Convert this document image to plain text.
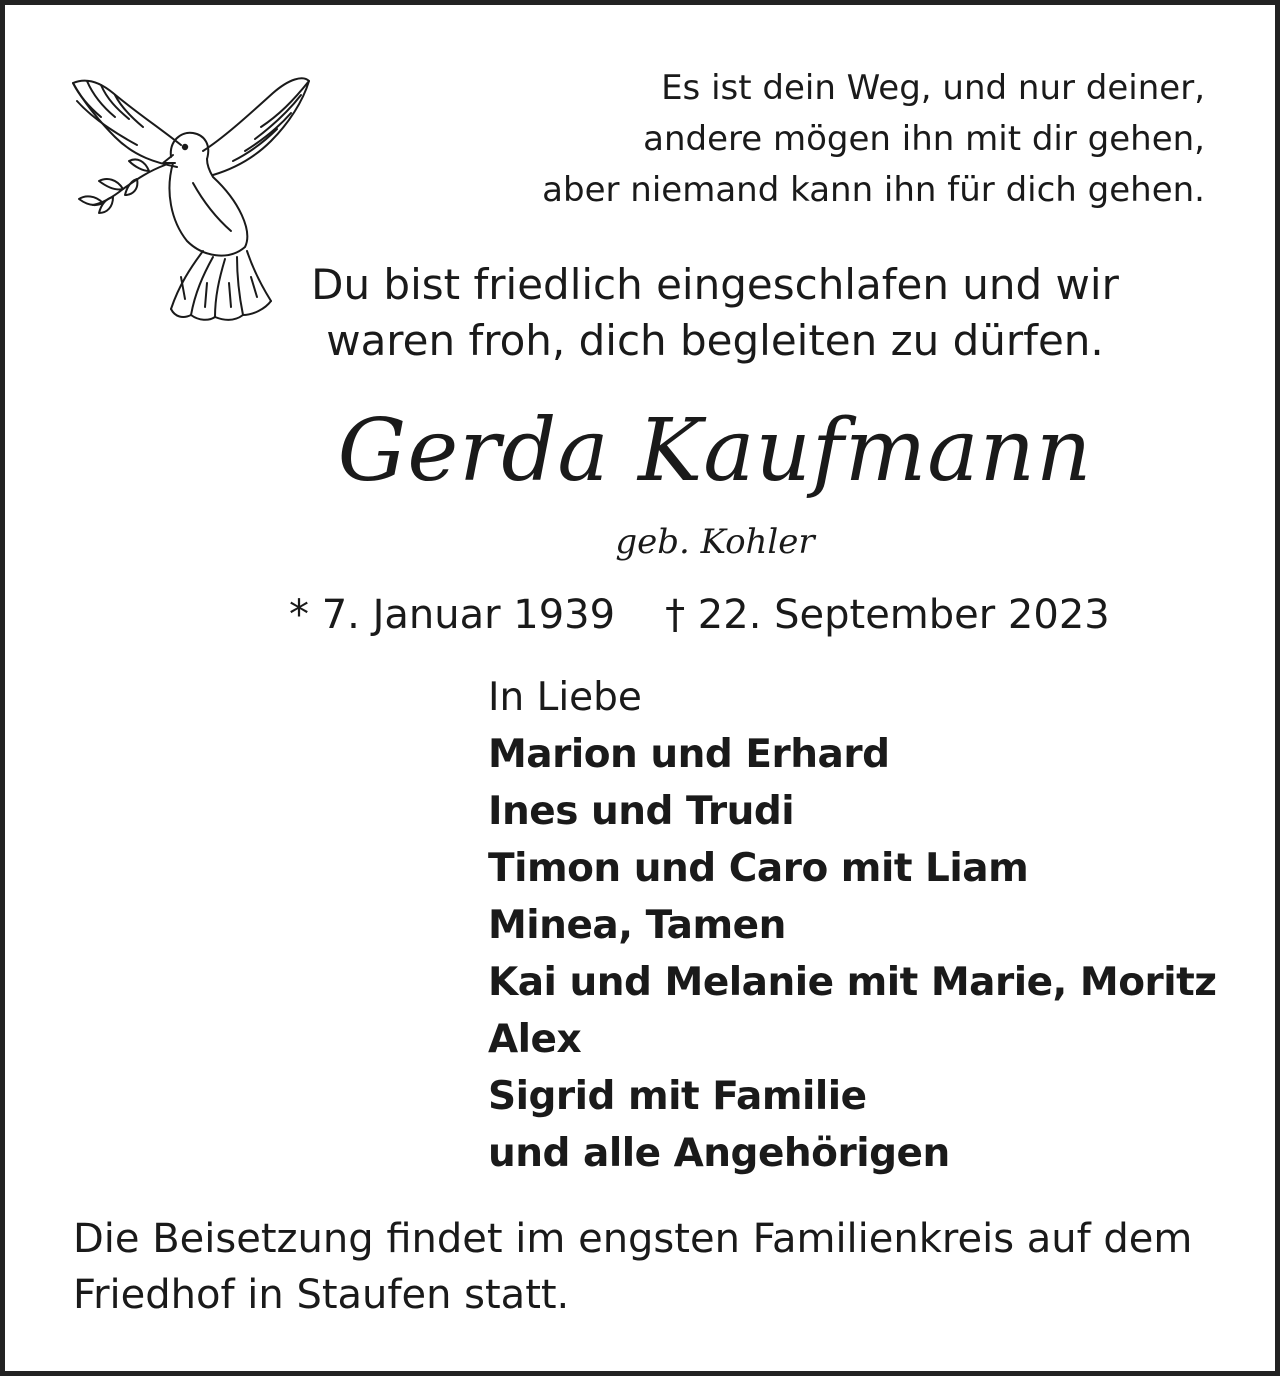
Es ist dein Weg, und nur deiner,
andere mögen ihn mit dir gehen,
aber niemand kann ihn für dich gehen.
Du bist friedlich eingeschlafen und wir
waren froh, dich begleiten zu dürfen.
Gerda Kaufmann
geb. Kohler
* 7. Januar 1939 † 22. September 2023
In Liebe
Marion und Erhard
Ines und Trudi
Timon und Caro mit Liam
Minea, Tamen
Kai und Melanie mit Marie, Moritz
Alex
Sigrid mit Familie
und alle Angehörigen
Die Beisetzung findet im engsten Familienkreis auf dem
Friedhof in Staufen statt.
